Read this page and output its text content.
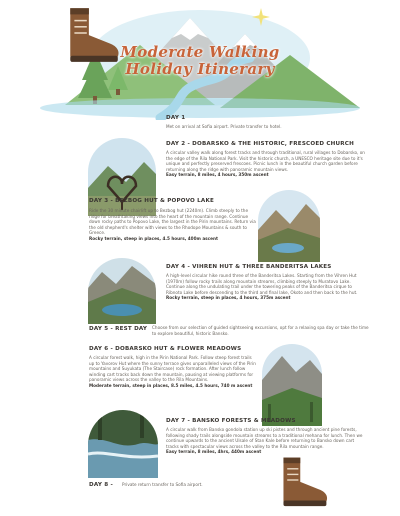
Moderate Walking
Holiday Itinerary
DAY 1
Met on arrival at Sofia airport. Private transfer to hotel.
DAY 2 - DOBARSKO & THE HISTORIC, FRESCOED CHURCH
A circular valley walk along forest tracks and through traditional, rural villages to Dobarsko, on the edge of the Rila National Park. Visit the historic church, a UNESCO heritage site due to it's unique and perfectly preserved frescoes. Picnic lunch in the beautiful church garden before returning along the ridge with panoramic mountain views.
Easy terrain, 8 miles, 4 hours, 350m ascent
DAY 3 - BEZBOG HUT & POPOVO LAKE
Ride the 30 minute chairlift up to Bezbog hut (2240m). Climb steeply to the ridge for breathtaking views into the heart of the mountain range. Continue down rocky paths to Popovo Lake, the largest in the Pirin mountains. Return via the old shepherd's shelter with views to the Rhodope Mountains & south to Greece.
Rocky terrain, steep in places, 4.5 hours, 400m ascent
DAY 4 - VIHREN HUT & THREE BANDERITSA LAKES
A high-level circular hike round three of the Banderitsa Lakes. Starting from the Vihren Hut (1970m) follow rocky trails along mountain streams, climbing steeply to Muratovo Lake. Continue along the undulating trail under the towering peaks of the Banderitsa cirque to Ribnoto Lake before descending to the third and final lake, Okoto and then back to the hut.
Rocky terrain, steep in places, 4 hours, 375m ascent
DAY 5 - REST DAY Choose from our selection of guided sightseeing excursions, opt for a relaxing spa day or take the time to explore beautiful, historic Bansko.
DAY 6 - DOBARSKO HUT & FLOWER MEADOWS
A circular forest walk, high in the Pirin National Park. Follow steep forest trails up to Yavorov Hut where the sunny terrace gives unparalleled views of the Pirin mountains and Suyukata (The Staircase) rock formation. After lunch follow winding cart tracks back down the mountain, pausing at viewing platforms for panoramic views across the valley to the Rila Mountains.
Moderate terrain, steep in places, 8.5 miles, 4.5 hours, 740 m ascent
DAY 7 - BANSKO FORESTS & MEADOWS
A circular walk from Bansko gondola station up ski pistes and through ancient pine forests, following shady trails alongside mountain streams to a traditional mehana for lunch. Then we continue upwards to the ancient Ulsale of Stan Kale before returning to Bansko down cart tracks with spectacular views across the valley to the Rila mountain range.
Easy terrain, 8 miles, 4hrs, 440m ascent
DAY 8 - Private return transfer to Sofia airport.
